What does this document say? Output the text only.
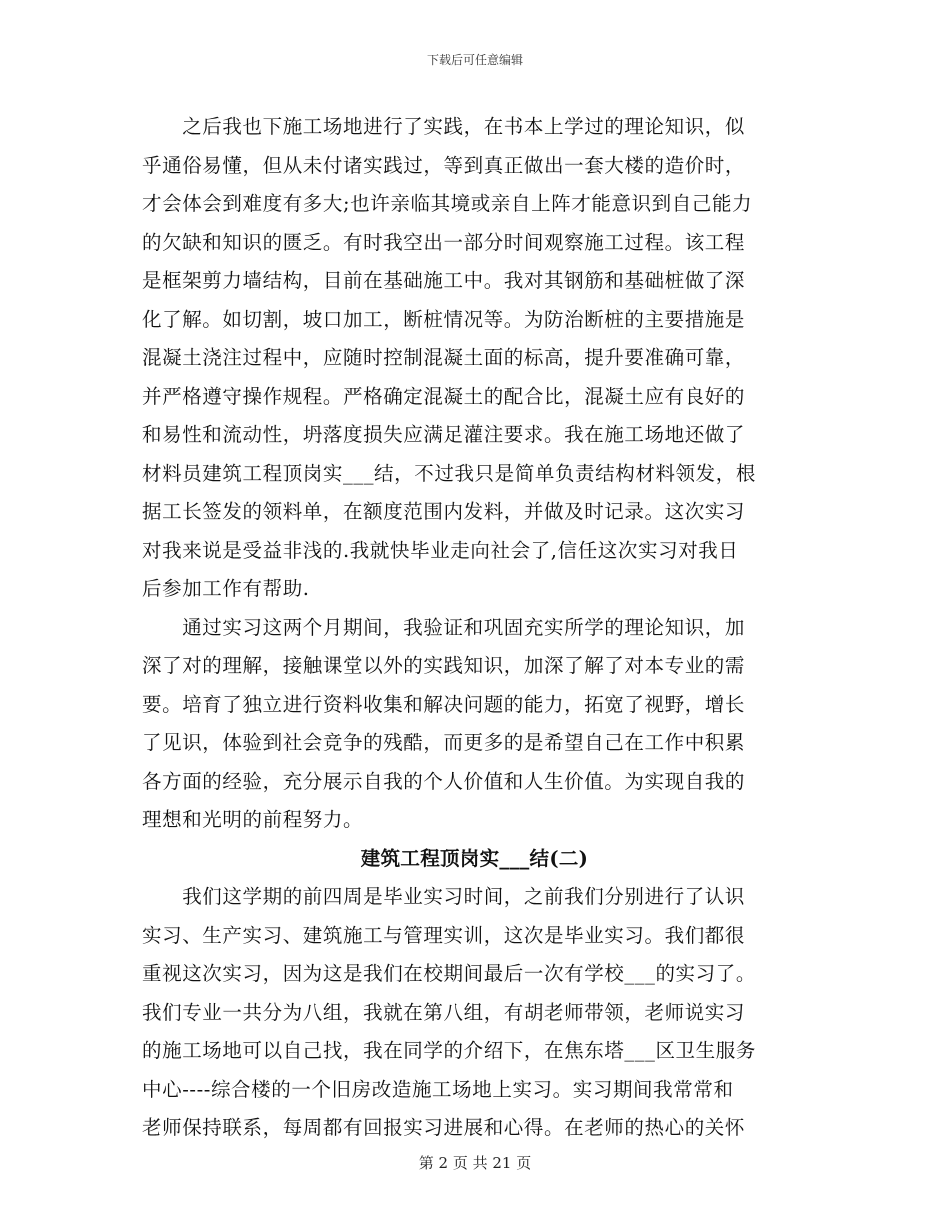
下载后可任意编辑
　　之后我也下施工场地进行了实践，在书本上学过的理论知识，似
乎通俗易懂，但从未付诸实践过，等到真正做出一套大楼的造价时，
才会体会到难度有多大;也许亲临其境或亲自上阵才能意识到自己能力
的欠缺和知识的匮乏。有时我空出一部分时间观察施工过程。该工程
是框架剪力墙结构，目前在基础施工中。我对其钢筋和基础桩做了深
化了解。如切割，坡口加工，断桩情况等。为防治断桩的主要措施是
混凝土浇注过程中，应随时控制混凝土面的标高，提升要准确可靠，
并严格遵守操作规程。严格确定混凝土的配合比，混凝土应有良好的
和易性和流动性，坍落度损失应满足灌注要求。我在施工场地还做了
材料员建筑工程顶岗实___结，不过我只是简单负责结构材料领发，根
据工长签发的领料单，在额度范围内发料，并做及时记录。这次实习
对我来说是受益非浅的.我就快毕业走向社会了,信任这次实习对我日
后参加工作有帮助.
　　通过实习这两个月期间，我验证和巩固充实所学的理论知识，加
深了对的理解，接触课堂以外的实践知识，加深了解了对本专业的需
要。培育了独立进行资料收集和解决问题的能力，拓宽了视野，增长
了见识，体验到社会竞争的残酷，而更多的是希望自己在工作中积累
各方面的经验，充分展示自我的个人价值和人生价值。为实现自我的
理想和光明的前程努力。
建筑工程顶岗实___结(二)
　　我们这学期的前四周是毕业实习时间，之前我们分别进行了认识
实习、生产实习、建筑施工与管理实训，这次是毕业实习。我们都很
重视这次实习，因为这是我们在校期间最后一次有学校___的实习了。
我们专业一共分为八组，我就在第八组，有胡老师带领，老师说实习
的施工场地可以自己找，我在同学的介绍下，在焦东塔___区卫生服务
中心----综合楼的一个旧房改造施工场地上实习。实习期间我常常和
老师保持联系，每周都有回报实习进展和心得。在老师的热心的关怀
第 2 页 共 21 页
